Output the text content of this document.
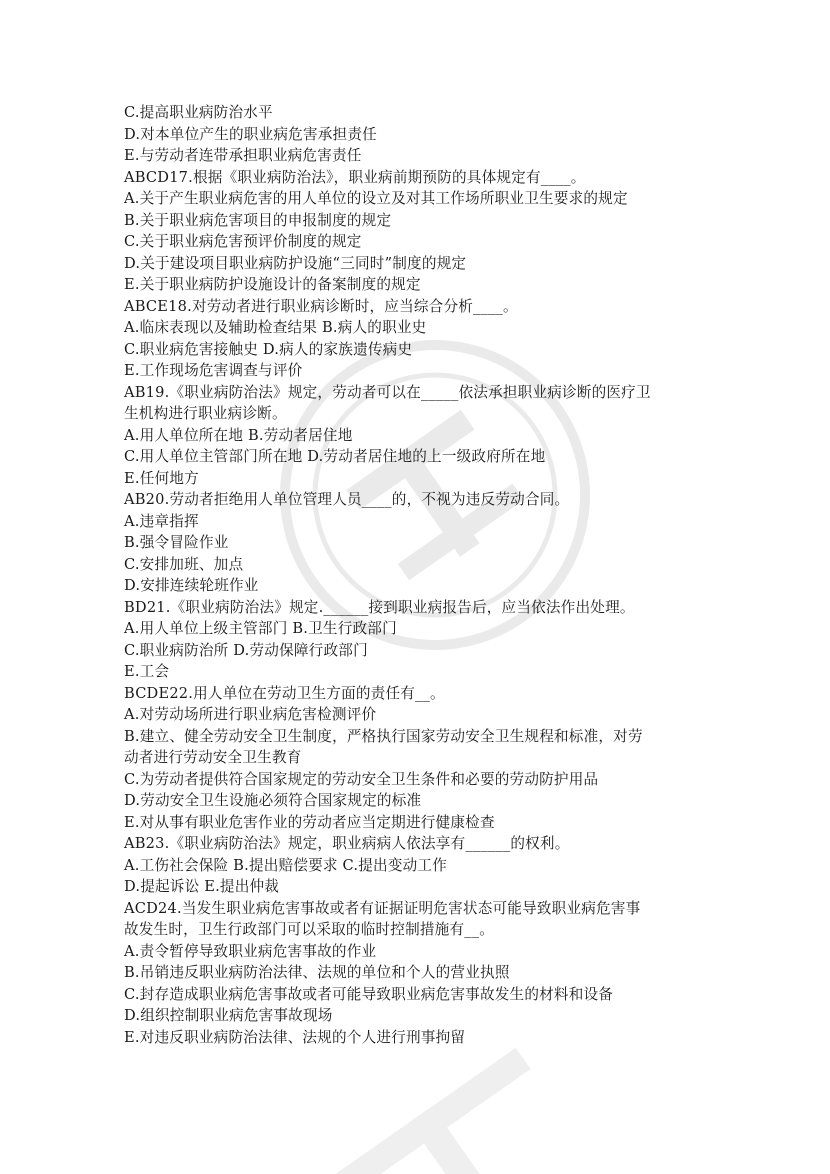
C.提高职业病防治水平
D.对本单位产生的职业病危害承担责任
E.与劳动者连带承担职业病危害责任
ABCD17.根据《职业病防治法》，职业病前期预防的具体规定有____。
A.关于产生职业病危害的用人单位的设立及对其工作场所职业卫生要求的规定
B.关于职业病危害项目的申报制度的规定
C.关于职业病危害预评价制度的规定
D.关于建设项目职业病防护设施“三同时”制度的规定
E.关于职业病防护设施设计的备案制度的规定
ABCE18.对劳动者进行职业病诊断时，应当综合分析____。
A.临床表现以及辅助检查结果 B.病人的职业史
C.职业病危害接触史 D.病人的家族遗传病史
E.工作现场危害调查与评价
AB19.《职业病防治法》规定，劳动者可以在_____依法承担职业病诊断的医疗卫
生机构进行职业病诊断。
A.用人单位所在地 B.劳动者居住地
C.用人单位主管部门所在地 D.劳动者居住地的上一级政府所在地
E.任何地方
AB20.劳动者拒绝用人单位管理人员____的，不视为违反劳动合同。
A.违章指挥
B.强令冒险作业
C.安排加班、加点
D.安排连续轮班作业
BD21.《职业病防治法》规定.______接到职业病报告后，应当依法作出处理。
A.用人单位上级主管部门 B.卫生行政部门
C.职业病防治所 D.劳动保障行政部门
E.工会
BCDE22.用人单位在劳动卫生方面的责任有__。
A.对劳动场所进行职业病危害检测评价
B.建立、健全劳动安全卫生制度，严格执行国家劳动安全卫生规程和标准，对劳
动者进行劳动安全卫生教育
C.为劳动者提供符合国家规定的劳动安全卫生条件和必要的劳动防护用品
D.劳动安全卫生设施必须符合国家规定的标准
E.对从事有职业危害作业的劳动者应当定期进行健康检查
AB23.《职业病防治法》规定，职业病病人依法享有______的权利。
A.工伤社会保险 B.提出赔偿要求 C.提出变动工作
D.提起诉讼 E.提出仲裁
ACD24.当发生职业病危害事故或者有证据证明危害状态可能导致职业病危害事
故发生时，卫生行政部门可以采取的临时控制措施有__。
A.责令暂停导致职业病危害事故的作业
B.吊销违反职业病防治法律、法规的单位和个人的营业执照
C.封存造成职业病危害事故或者可能导致职业病危害事故发生的材料和设备
D.组织控制职业病危害事故现场
E.对违反职业病防治法律、法规的个人进行刑事拘留
